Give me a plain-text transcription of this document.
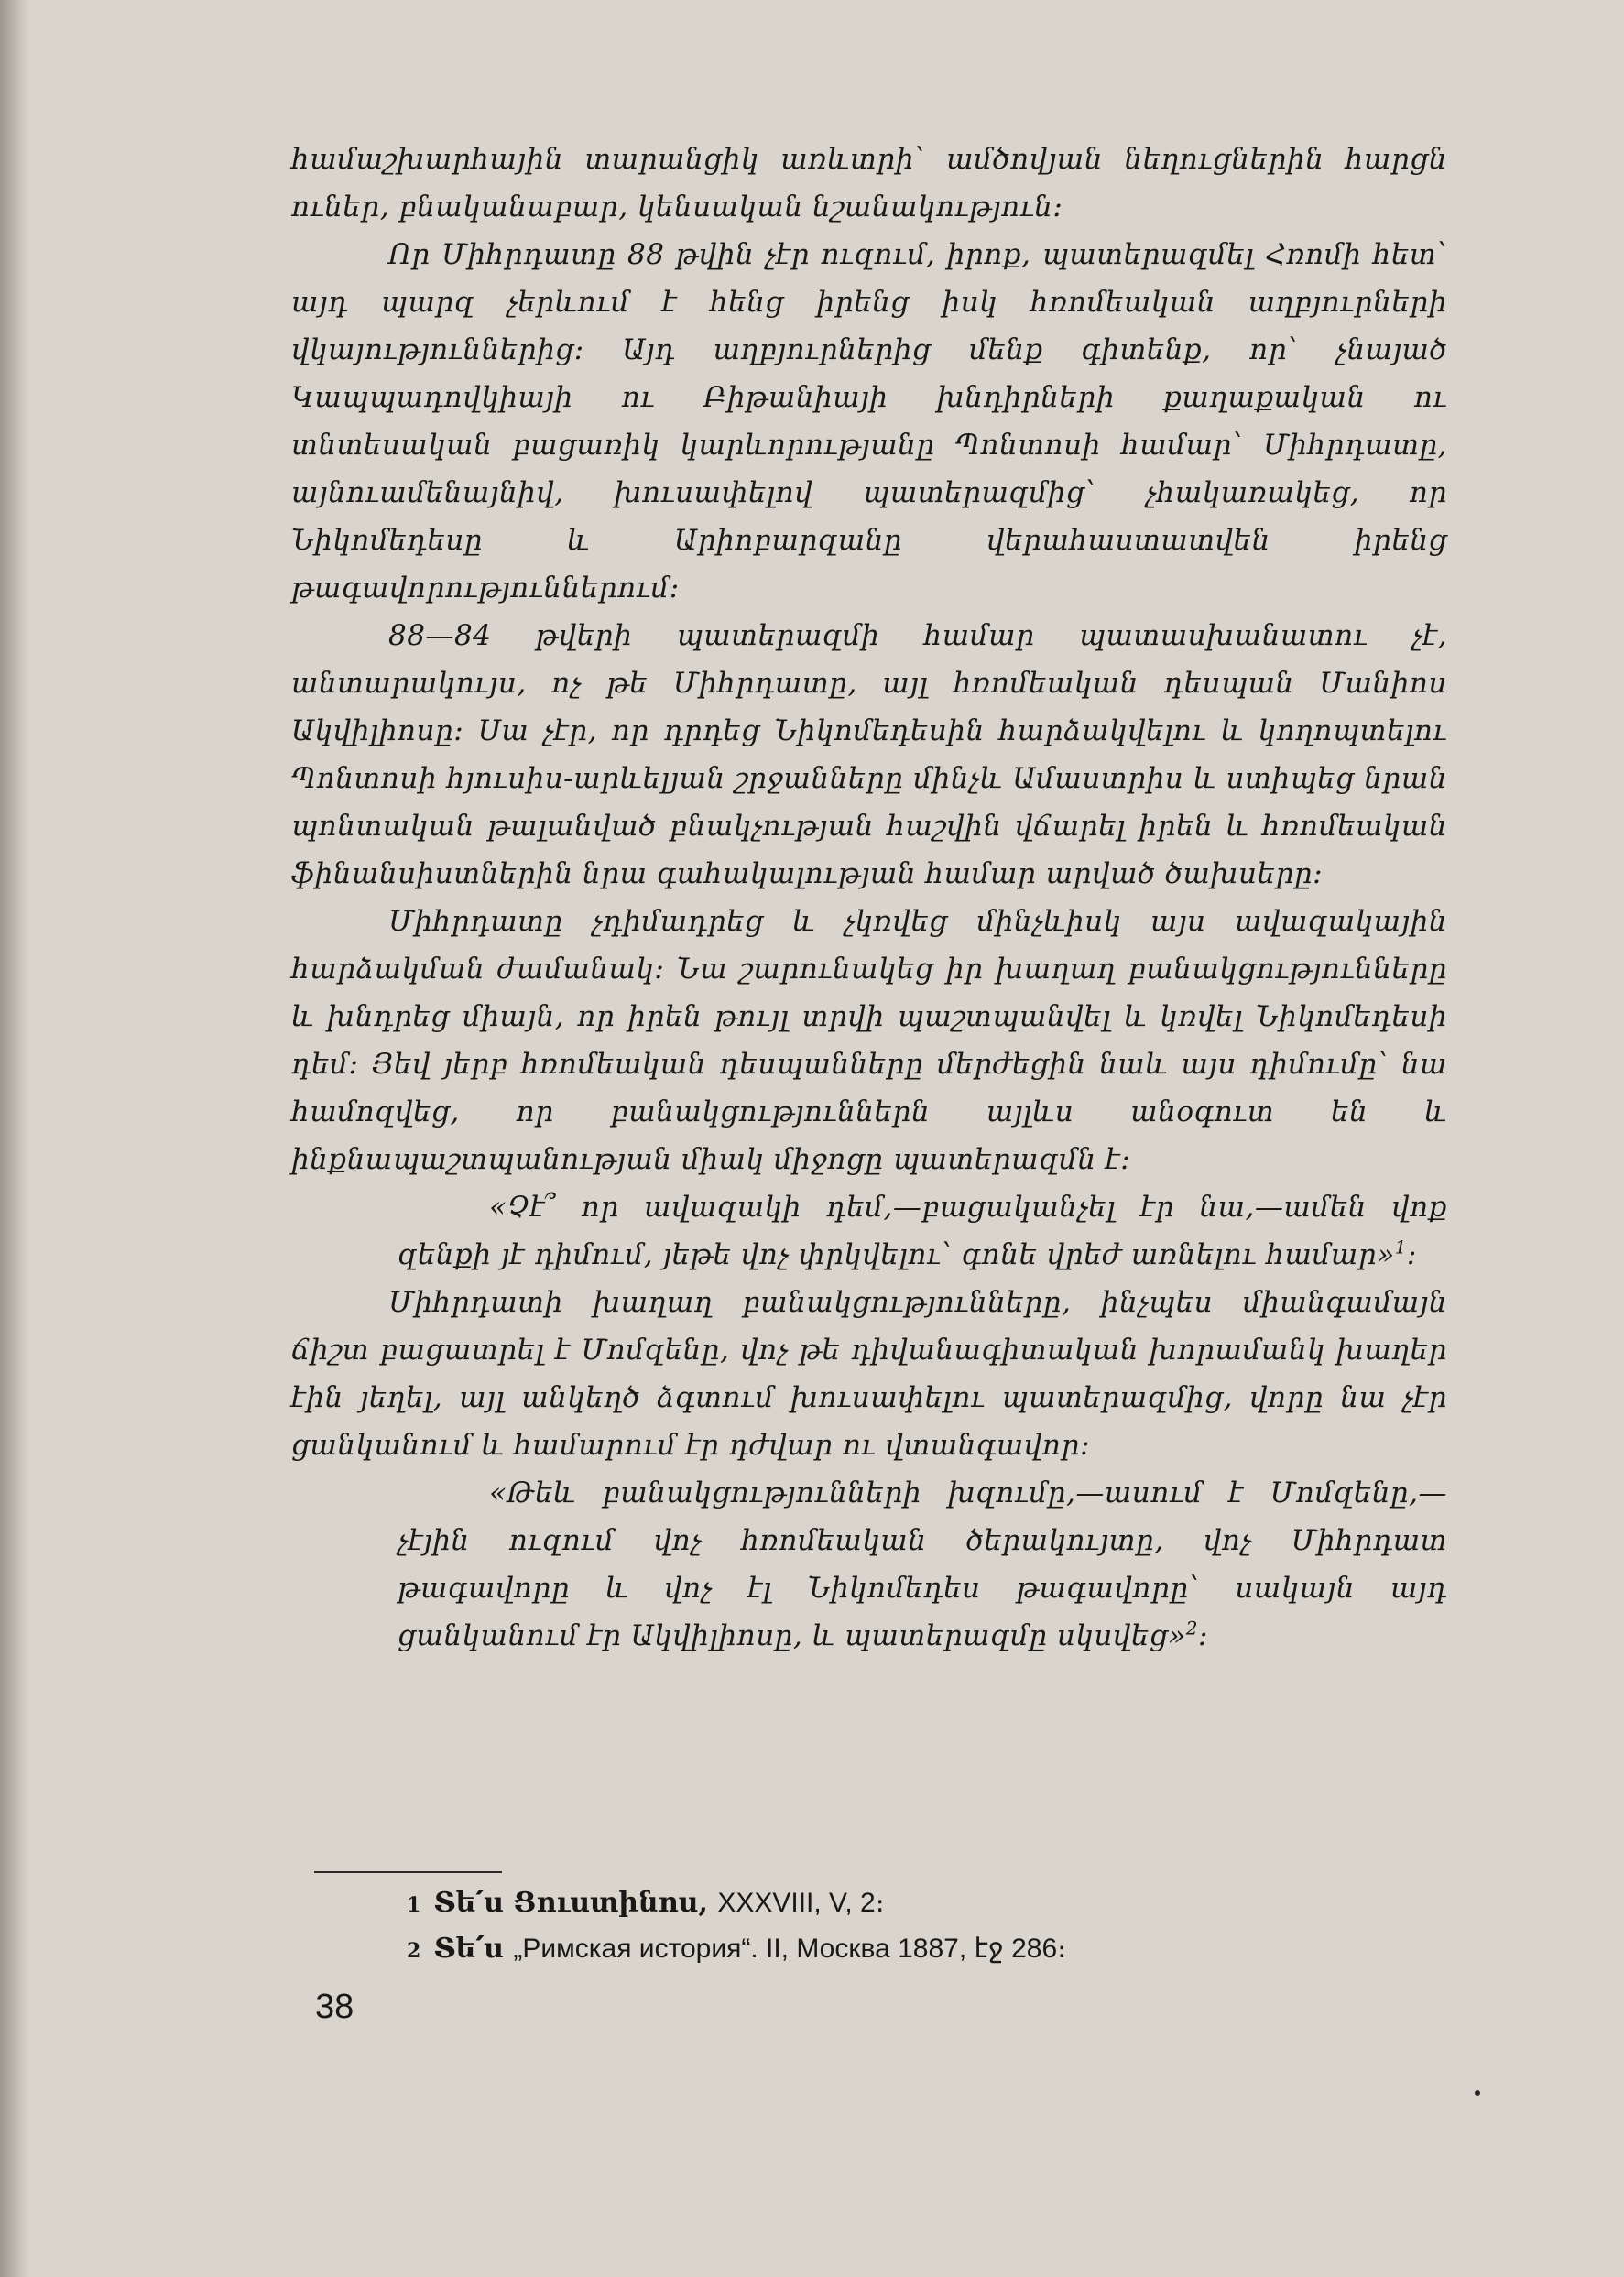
համաշխարհային տարանցիկ առևտրի՝ ամծովյան նեղուցներին հարցն ուներ, բնականաբար, կենսական նշանակություն։

Որ Միհրդատը 88 թվին չէր ուզում, իրոք, պատերազմել Հռոմի հետ՝ այդ պարզ չերևում է հենց իրենց իսկ հռոմեական աղբյուրների վկայություններից։ Այդ աղբյուրներից մենք գիտենք, որ՝ չնայած Կապպադովկիայի ու Բիթանիայի խնդիրների քաղաքական ու տնտեսական բացառիկ կարևորությանը Պոնտոսի համար՝ Միհրդատը, այնուամենայնիվ, խուսափելով պատերազմից՝ չհակառակեց, որ Նիկոմեդեսը և Արիոբարզանը վերահաստատվեն իրենց թագավորություններում։

88—84 թվերի պատերազմի համար պատասխանատու չէ, անտարակույս, ոչ թե Միհրդատը, այլ հռոմեական դեսպան Մանիոս Ակվիլիոսը։ Սա չէր, որ դրդեց Նիկոմեդեսին հարձակվելու և կողոպտելու Պոնտոսի հյուսիս-արևելյան շրջանները մինչև Ամաստրիս և ստիպեց նրան պոնտական թալանված բնակչության հաշվին վճարել իրեն և հռոմեական ֆինանսիստներին նրա գահակալության համար արված ծախսերը։

Միհրդատը չդիմադրեց և չկռվեց մինչևիսկ այս ավազակային հարձակման ժամանակ։ Նա շարունակեց իր խաղաղ բանակցությունները և խնդրեց միայն, որ իրեն թույլ տրվի պաշտպանվել և կռվել Նիկոմեդեսի դեմ։ Յեվ յերբ հռոմեական դեսպանները մերժեցին նաև այս դիմումը՝ նա համոզվեց, որ բանակցություններն այլևս անօգուտ են և ինքնապաշտպանության միակ միջոցը պատերազմն է։

«Չէ՞ որ ավազակի դեմ,—բացականչել էր նա,—ամեն վոք զենքի յէ դիմում, յեթե վոչ փրկվելու՝ գոնե վրեժ առնելու համար»$^1$։

Միհրդատի խաղաղ բանակցությունները, ինչպես միանգամայն ճիշտ բացատրել է Մոմզենը, վոչ թե դիվանագիտական խորամանկ խաղեր էին յեղել, այլ անկեղծ ձգտում խուսափելու պատերազմից, վորը նա չէր ցանկանում և համարում էր դժվար ու վտանգավոր։

«Թեև բանակցությունների խզումը,—ասում է Մոմզենը,—չէյին ուզում վոչ հռոմեական ծերակույտը, վոչ Միհրդատ թագավորը և վոչ էլ Նիկոմեդես թագավորը՝ սակայն այդ ցանկանում էր Ակվիլիոսը, և պատերազմը սկսվեց»$^2$։

1 Տե՛ս Ցուստինոս, XXXVIII, V, 2։
2 Տե՛ս „Римская история“. II, Москва 1887, էջ 286։
38
